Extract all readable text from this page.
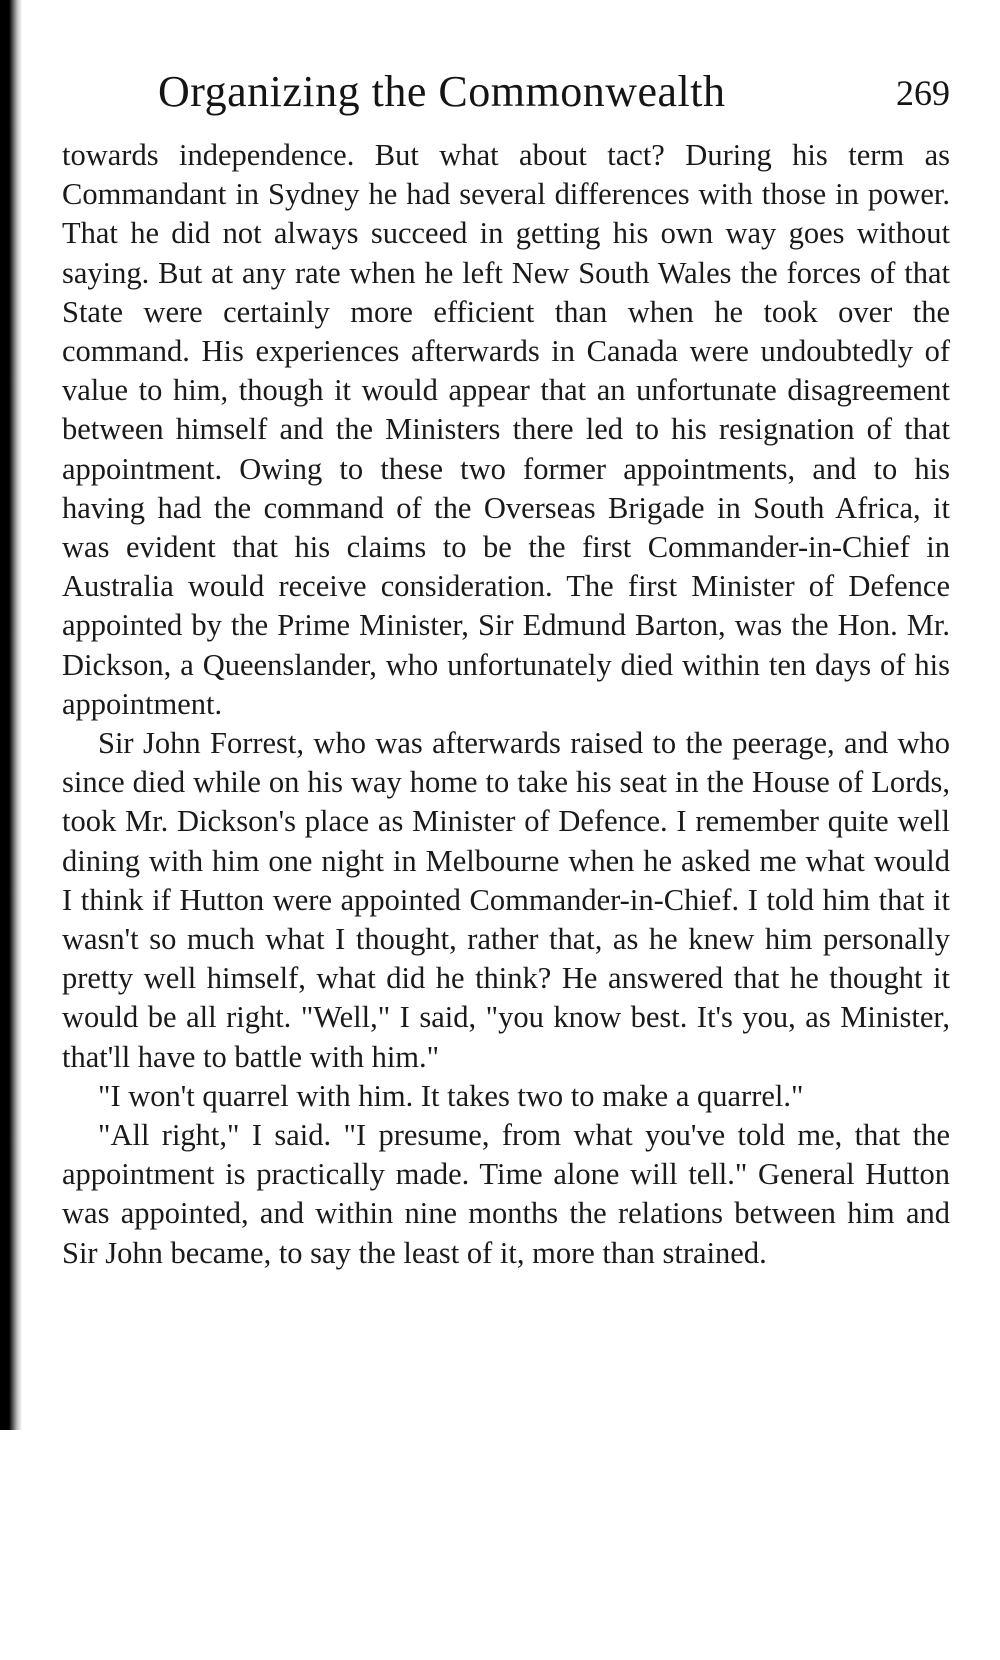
Organizing the Commonwealth	269

towards independence. But what about tact? During his term as Commandant in Sydney he had several differences with those in power. That he did not always succeed in getting his own way goes without saying. But at any rate when he left New South Wales the forces of that State were certainly more efficient than when he took over the command. His experiences afterwards in Canada were undoubtedly of value to him, though it would appear that an unfortunate disagreement between himself and the Ministers there led to his resignation of that appointment. Owing to these two former appointments, and to his having had the command of the Overseas Brigade in South Africa, it was evident that his claims to be the first Commander-in-Chief in Australia would receive consideration. The first Minister of Defence appointed by the Prime Minister, Sir Edmund Barton, was the Hon. Mr. Dickson, a Queenslander, who unfortunately died within ten days of his appointment.

Sir John Forrest, who was afterwards raised to the peerage, and who since died while on his way home to take his seat in the House of Lords, took Mr. Dickson's place as Minister of Defence. I remember quite well dining with him one night in Melbourne when he asked me what would I think if Hutton were appointed Commander-in-Chief. I told him that it wasn't so much what I thought, rather that, as he knew him personally pretty well himself, what did he think? He answered that he thought it would be all right. "Well," I said, "you know best. It's you, as Minister, that'll have to battle with him."

"I won't quarrel with him. It takes two to make a quarrel."

"All right," I said. "I presume, from what you've told me, that the appointment is practically made. Time alone will tell." General Hutton was appointed, and within nine months the relations between him and Sir John became, to say the least of it, more than strained.
